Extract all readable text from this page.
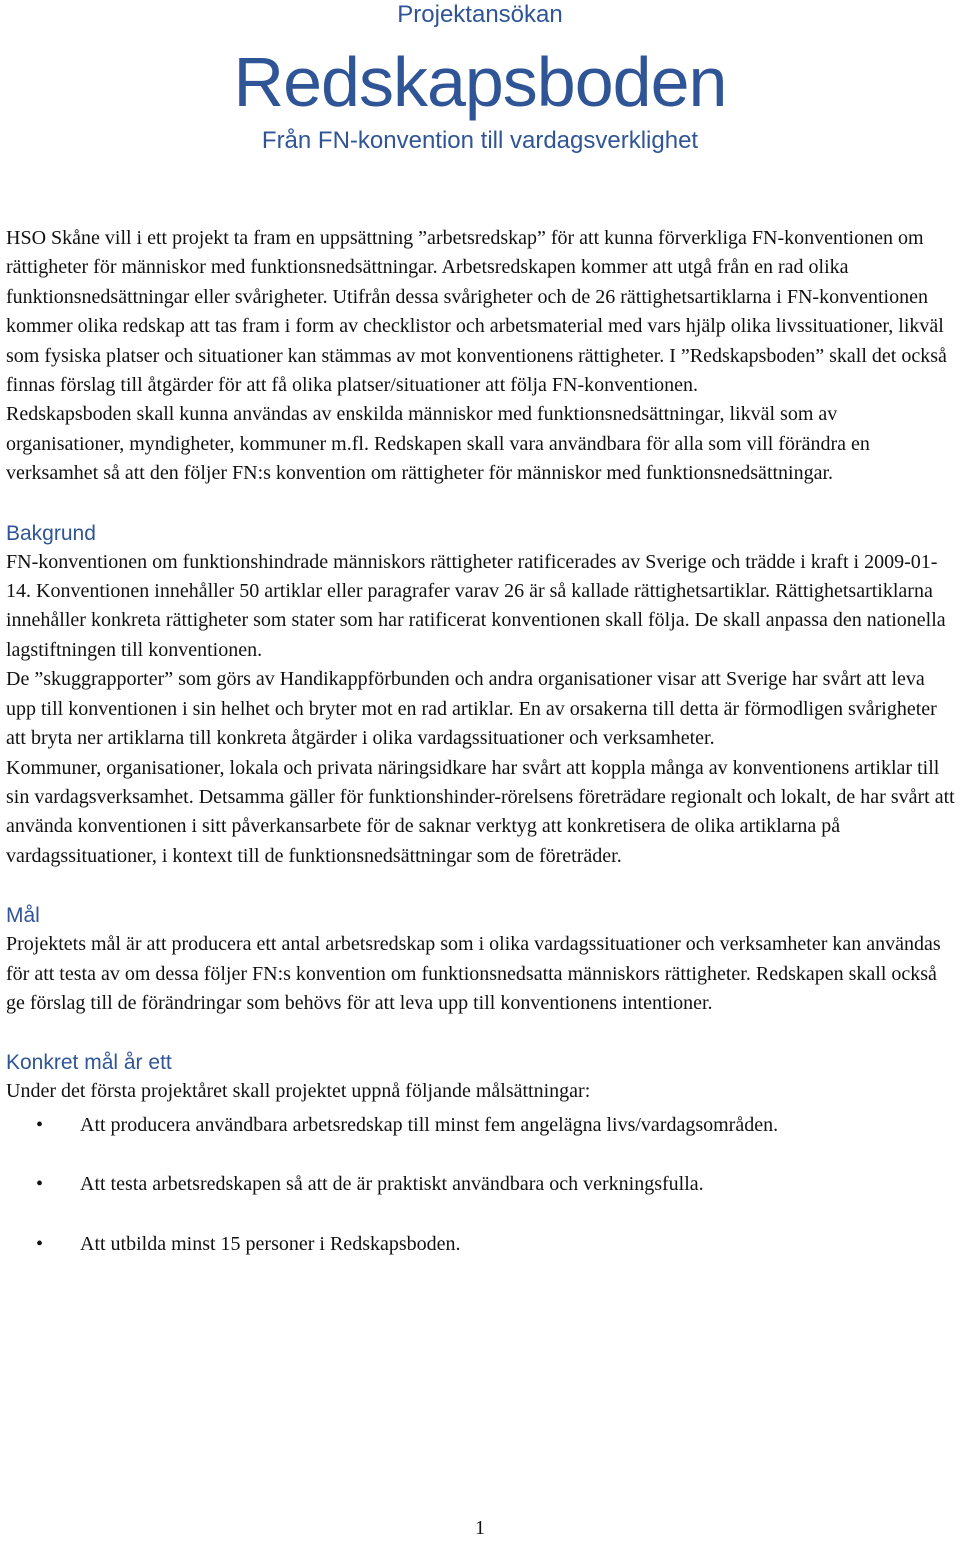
Projektansökan
Redskapsboden
Från FN-konvention till vardagsverklighet

HSO Skåne vill i ett projekt ta fram en uppsättning ”arbetsredskap” för att kunna förverkliga FN-konventionen om rättigheter för människor med funktionsnedsättningar. Arbetsredskapen kommer att utgå från en rad olika funktionsnedsättningar eller svårigheter. Utifrån dessa svårigheter och de 26 rättighetsartiklarna i FN-konventionen kommer olika redskap att tas fram i form av checklistor och arbetsmaterial med vars hjälp olika livssituationer, likväl som fysiska platser och situationer kan stämmas av mot konventionens rättigheter. I ”Redskapsboden” skall det också finnas förslag till åtgärder för att få olika platser/situationer att följa FN-konventionen.

Redskapsboden skall kunna användas av enskilda människor med funktionsnedsättningar, likväl som av organisationer, myndigheter, kommuner m.fl. Redskapen skall vara användbara för alla som vill förändra en verksamhet så att den följer FN:s konvention om rättigheter för människor med funktionsnedsättningar.

Bakgrund

FN-konventionen om funktionshindrade människors rättigheter ratificerades av Sverige och trädde i kraft i 2009-01-14. Konventionen innehåller 50 artiklar eller paragrafer varav 26 är så kallade rättighetsartiklar. Rättighetsartiklarna innehåller konkreta rättigheter som stater som har ratificerat konventionen skall följa. De skall anpassa den nationella lagstiftningen till konventionen.

De ”skuggrapporter” som görs av Handikappförbunden och andra organisationer visar att Sverige har svårt att leva upp till konventionen i sin helhet och bryter mot en rad artiklar. En av orsakerna till detta är förmodligen svårigheter att bryta ner artiklarna till konkreta åtgärder i olika vardagssituationer och verksamheter.

Kommuner, organisationer, lokala och privata näringsidkare har svårt att koppla många av konventionens artiklar till sin vardagsverksamhet. Detsamma gäller för funktionshinder-rörelsens företrädare regionalt och lokalt, de har svårt att använda konventionen i sitt påverkansarbete för de saknar verktyg att konkretisera de olika artiklarna på vardagssituationer, i kontext till de funktionsnedsättningar som de företräder.

Mål

Projektets mål är att producera ett antal arbetsredskap som i olika vardagssituationer och verksamheter kan användas för att testa av om dessa följer FN:s konvention om funktionsnedsatta människors rättigheter. Redskapen skall också ge förslag till de förändringar som behövs för att leva upp till konventionens intentioner.

Konkret mål år ett

Under det första projektåret skall projektet uppnå följande målsättningar:

• Att producera användbara arbetsredskap till minst fem angelägna livs/vardagsområden.
• Att testa arbetsredskapen så att de är praktiskt användbara och verkningsfulla.
• Att utbilda minst 15 personer i Redskapsboden.
1
